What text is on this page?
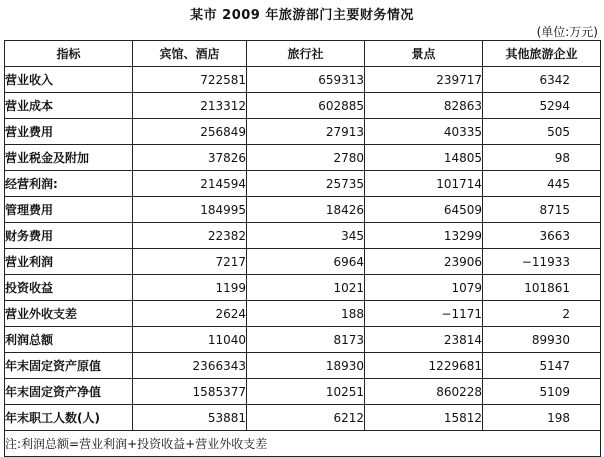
某市 2009 年旅游部门主要财务情况
(单位:万元)
指标	宾馆、酒店	旅行社	景点	其他旅游企业
营业收入	722581	659313	239717	6342
营业成本	213312	602885	82863	5294
营业费用	256849	27913	40335	505
营业税金及附加	37826	2780	14805	98
经营利润:	214594	25735	101714	445
管理费用	184995	18426	64509	8715
财务费用	22382	345	13299	3663
营业利润	7217	6964	23906	−11933
投资收益	1199	1021	1079	101861
营业外收支差	2624	188	−1171	2
利润总额	11040	8173	23814	89930
年末固定资产原值	2366343	18930	1229681	5147
年末固定资产净值	1585377	10251	860228	5109
年末职工人数(人)	53881	6212	15812	198
注:利润总额=营业利润+投资收益+营业外收支差				
